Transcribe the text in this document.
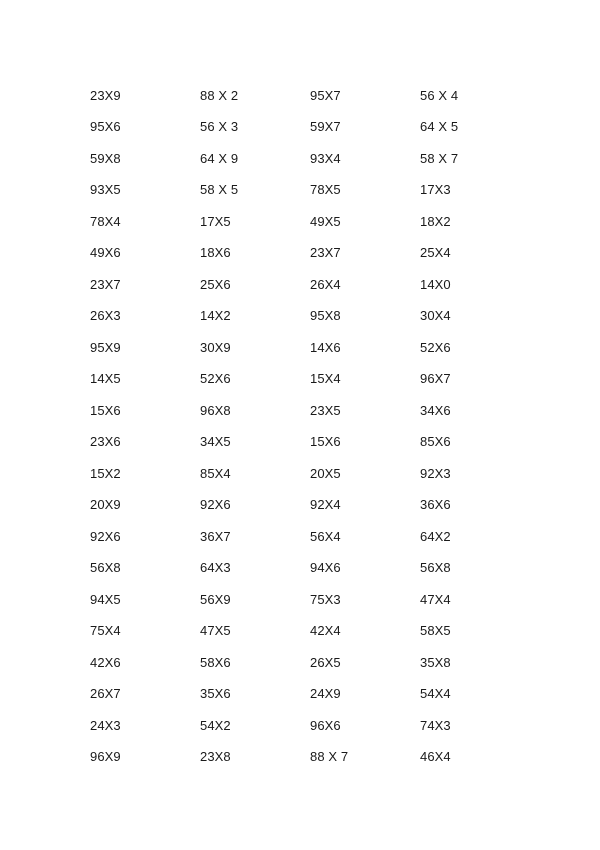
23X9	88 X 2	95X7	56 X 4
95X6	56 X 3	59X7	64 X 5
59X8	64 X 9	93X4	58 X 7
93X5	58 X 5	78X5	17X3
78X4	17X5	49X5	18X2
49X6	18X6	23X7	25X4
23X7	25X6	26X4	14X0
26X3	14X2	95X8	30X4
95X9	30X9	14X6	52X6
14X5	52X6	15X4	96X7
15X6	96X8	23X5	34X6
23X6	34X5	15X6	85X6
15X2	85X4	20X5	92X3
20X9	92X6	92X4	36X6
92X6	36X7	56X4	64X2
56X8	64X3	94X6	56X8
94X5	56X9	75X3	47X4
75X4	47X5	42X4	58X5
42X6	58X6	26X5	35X8
26X7	35X6	24X9	54X4
24X3	54X2	96X6	74X3
96X9	23X8	88 X 7	46X4
